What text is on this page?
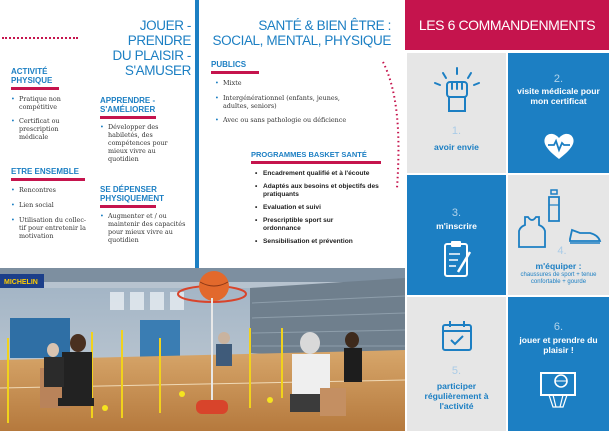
JOUER - PRENDRE
DU PLAISIR - S'AMUSER
ACTIVITÉ
PHYSIQUE
• Pratique non compétitive
• Certificat ou prescription médicale
ETRE ENSEMBLE
• Rencontres
• Lien social
• Utilisation du collec-tif pour entretenir la motivation
APPRENDRE -
S'AMÉLIORER
• Développer des habiletés, des compétences pour mieux vivre au quotidien
SE DÉPENSER
PHYSIQUEMENT
• Augmenter et / ou maintenir des capacités pour mieux vivre au quotidien
SANTÉ & BIEN ÊTRE :
SOCIAL, MENTAL, PHYSIQUE
PUBLICS
• Mixte
• Intergénérationnel (enfants, jeunes, adultes, seniors)
• Avec ou sans pathologie ou déficience
PROGRAMMES BASKET SANTÉ
• Encadrement qualifié et à l'écoute
• Adaptés aux besoins et objectifs des pratiquants
• Evaluation et suivi
• Prescriptible sport sur ordonnance
• Sensibilisation et prévention
MICHELIN
LES 6 COMMANDENMENTS
1.
avoir envie
2.
visite médicale pour mon certificat
3.
m'inscrire
4.
m'équiper :
chaussures de sport + tenue confortable + gourde
5.
participer régulièrement à l'activité
6.
jouer et prendre du plaisir !
